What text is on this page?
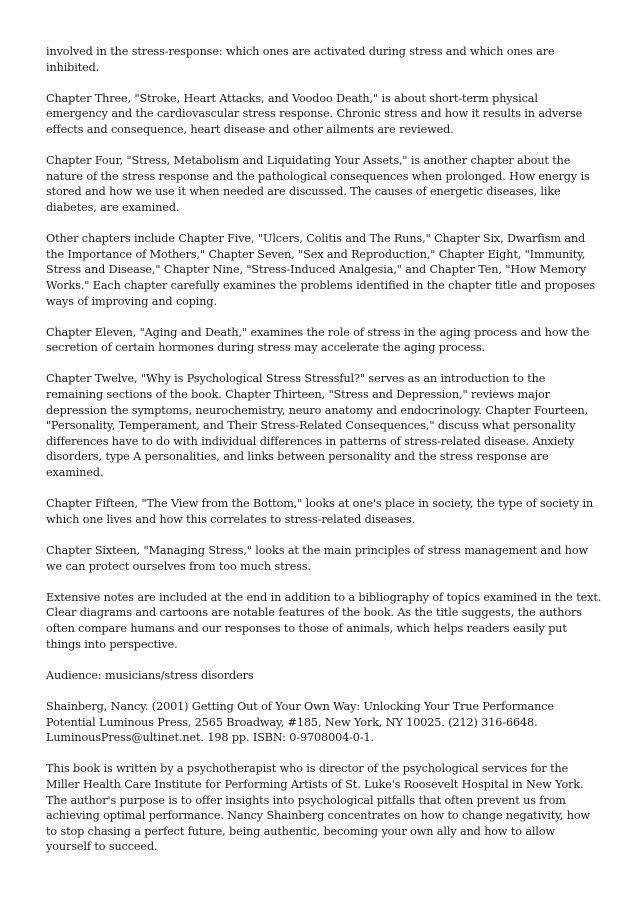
involved in the stress-response: which ones are activated during stress and which ones are inhibited.

Chapter Three, "Stroke, Heart Attacks, and Voodoo Death," is about short-term physical emergency and the cardiovascular stress response. Chronic stress and how it results in adverse effects and consequence, heart disease and other ailments are reviewed.

Chapter Four, "Stress, Metabolism and Liquidating Your Assets," is another chapter about the nature of the stress response and the pathological consequences when prolonged. How energy is stored and how we use it when needed are discussed. The causes of energetic diseases, like diabetes, are examined.

Other chapters include Chapter Five, "Ulcers, Colitis and The Runs," Chapter Six, Dwarfism and the Importance of Mothers," Chapter Seven, "Sex and Reproduction," Chapter Eight, "Immunity, Stress and Disease," Chapter Nine, "Stress-Induced Analgesia," and Chapter Ten, "How Memory Works." Each chapter carefully examines the problems identified in the chapter title and proposes ways of improving and coping.

Chapter Eleven, "Aging and Death," examines the role of stress in the aging process and how the secretion of certain hormones during stress may accelerate the aging process.

Chapter Twelve, "Why is Psychological Stress Stressful?" serves as an introduction to the remaining sections of the book. Chapter Thirteen, "Stress and Depression," reviews major depression the symptoms, neurochemistry, neuro anatomy and endocrinology. Chapter Fourteen, "Personality, Temperament, and Their Stress-Related Consequences," discuss what personality differences have to do with individual differences in patterns of stress-related disease. Anxiety disorders, type A personalities, and links between personality and the stress response are examined.

Chapter Fifteen, "The View from the Bottom," looks at one's place in society, the type of society in which one lives and how this correlates to stress-related diseases.

Chapter Sixteen, "Managing Stress," looks at the main principles of stress management and how we can protect ourselves from too much stress.

Extensive notes are included at the end in addition to a bibliography of topics examined in the text. Clear diagrams and cartoons are notable features of the book. As the title suggests, the authors often compare humans and our responses to those of animals, which helps readers easily put things into perspective.

Audience: musicians/stress disorders

Shainberg, Nancy. (2001) Getting Out of Your Own Way: Unlocking Your True Performance Potential Luminous Press, 2565 Broadway, #185, New York, NY 10025. (212) 316-6648. LuminousPress@ultinet.net. 198 pp. ISBN: 0-9708004-0-1.

This book is written by a psychotherapist who is director of the psychological services for the Miller Health Care Institute for Performing Artists of St. Luke's Roosevelt Hospital in New York. The author's purpose is to offer insights into psychological pitfalls that often prevent us from achieving optimal performance. Nancy Shainberg concentrates on how to change negativity, how to stop chasing a perfect future, being authentic, becoming your own ally and how to allow yourself to succeed.
